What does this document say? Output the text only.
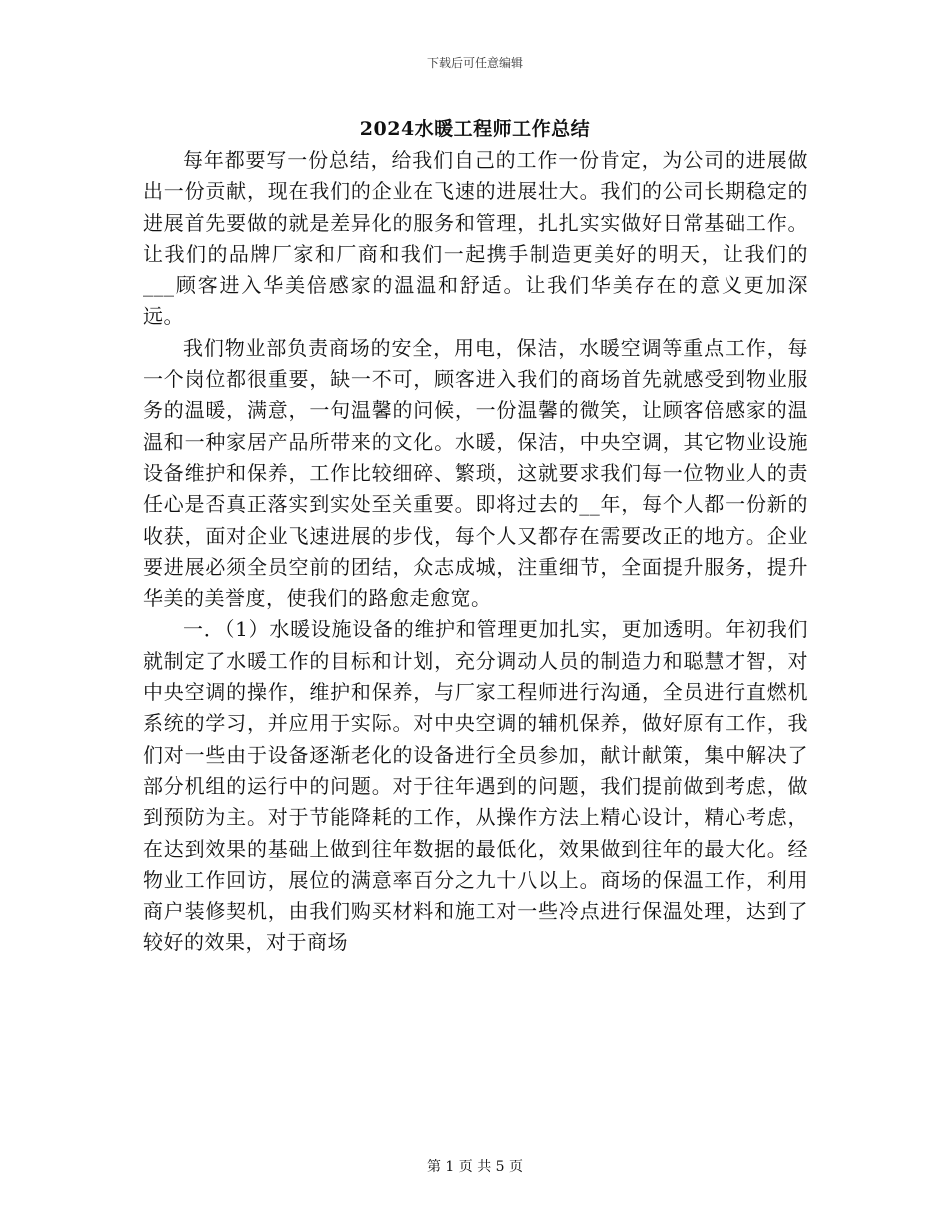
下载后可任意编辑
2024水暖工程师工作总结

每年都要写一份总结，给我们自己的工作一份肯定，为公司的进展做出一份贡献，现在我们的企业在飞速的进展壮大。我们的公司长期稳定的进展首先要做的就是差异化的服务和管理，扎扎实实做好日常基础工作。让我们的品牌厂家和厂商和我们一起携手制造更美好的明天，让我们的___顾客进入华美倍感家的温温和舒适。让我们华美存在的意义更加深远。

我们物业部负责商场的安全，用电，保洁，水暖空调等重点工作，每一个岗位都很重要，缺一不可，顾客进入我们的商场首先就感受到物业服务的温暖，满意，一句温馨的问候，一份温馨的微笑，让顾客倍感家的温温和一种家居产品所带来的文化。水暖，保洁，中央空调，其它物业设施设备维护和保养，工作比较细碎、繁琐，这就要求我们每一位物业人的责任心是否真正落实到实处至关重要。即将过去的__年，每个人都一份新的收获，面对企业飞速进展的步伐，每个人又都存在需要改正的地方。企业要进展必须全员空前的团结，众志成城，注重细节，全面提升服务，提升华美的美誉度，使我们的路愈走愈宽。

一．（1）水暖设施设备的维护和管理更加扎实，更加透明。年初我们就制定了水暖工作的目标和计划，充分调动人员的制造力和聪慧才智，对中央空调的操作，维护和保养，与厂家工程师进行沟通，全员进行直燃机系统的学习，并应用于实际。对中央空调的辅机保养，做好原有工作，我们对一些由于设备逐渐老化的设备进行全员参加，献计献策，集中解决了部分机组的运行中的问题。对于往年遇到的问题，我们提前做到考虑，做到预防为主。对于节能降耗的工作，从操作方法上精心设计，精心考虑，在达到效果的基础上做到往年数据的最低化，效果做到往年的最大化。经物业工作回访，展位的满意率百分之九十八以上。商场的保温工作，利用商户装修契机，由我们购买材料和施工对一些冷点进行保温处理，达到了较好的效果，对于商场

第 1 页 共 5 页
